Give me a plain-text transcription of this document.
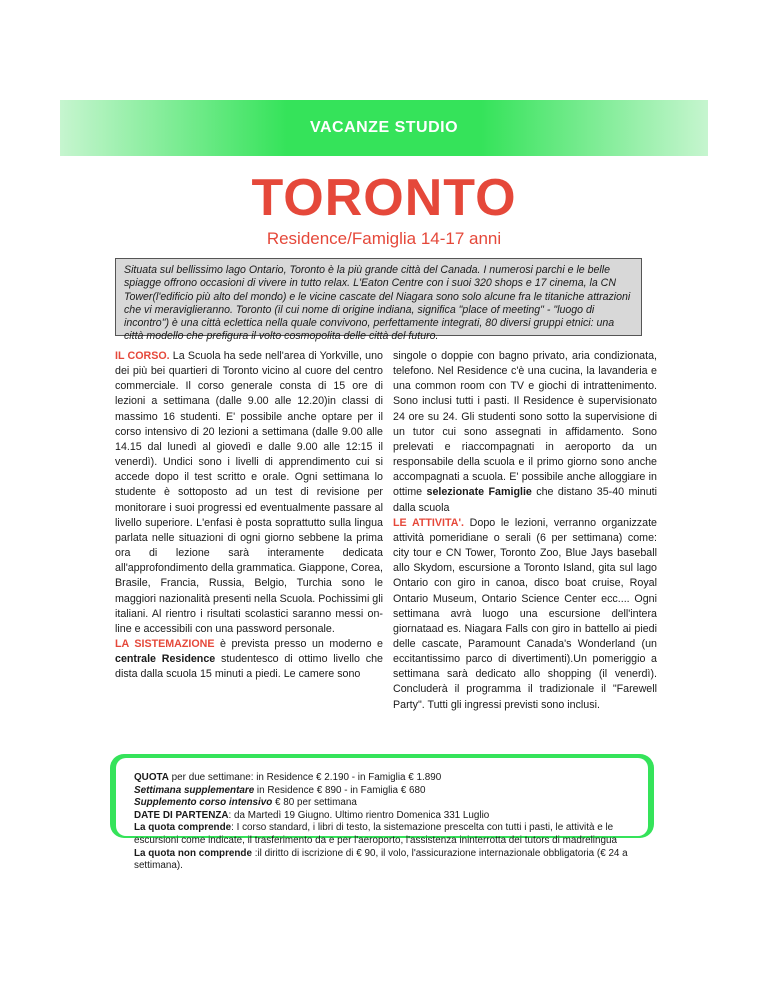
VACANZE STUDIO
TORONTO
Residence/Famiglia 14-17 anni
Situata sul bellissimo lago Ontario, Toronto è la più grande città del Canada. I numerosi parchi e le belle spiagge offrono occasioni di vivere in tutto relax. L'Eaton Centre con i suoi 320 shops e 17 cinema, la CN Tower(l'edificio più alto del mondo) e le vicine cascate del Niagara sono solo alcune fra le titaniche attrazioni che vi meraviglieranno. Toronto (il cui nome di origine indiana, significa "place of meeting" - "luogo di incontro") è una città eclettica nella quale convivono, perfettamente integrati, 80 diversi gruppi etnici: una città modello che prefigura il volto cosmopolita delle città del futuro.

IL CORSO. La Scuola ha sede nell'area di Yorkville, uno dei più bei quartieri di Toronto vicino al cuore del centro commerciale. Il corso generale consta di 15 ore di lezioni a settimana (dalle 9.00 alle 12.20)in classi di massimo 16 studenti. E' possibile anche optare per il corso intensivo di 20 lezioni a settimana (dalle 9.00 alle 14.15 dal lunedì al giovedì e dalle 9.00 alle 12:15 il venerdì). Undici sono i livelli di apprendimento cui si accede dopo il test scritto e orale. Ogni settimana lo studente è sottoposto ad un test di revisione per monitorare i suoi progressi ed eventualmente passare al livello superiore. L'enfasi è posta soprattutto sulla lingua parlata nelle situazioni di ogni giorno sebbene la prima ora di lezione sarà interamente dedicata all'approfondimento della grammatica. Giappone, Corea, Brasile, Francia, Russia, Belgio, Turchia sono le maggiori nazionalità presenti nella Scuola. Pochissimi gli italiani. Al rientro i risultati scolastici saranno messi on-line e accessibili con una password personale.

LA SISTEMAZIONE è prevista presso un moderno e centrale Residence studentesco di ottimo livello che dista dalla scuola 15 minuti a piedi. Le camere sono

singole o doppie con bagno privato, aria condizionata, telefono. Nel Residence c'è una cucina, la lavanderia e una common room con TV e giochi di intrattenimento. Sono inclusi tutti i pasti. Il Residence è supervisionato 24 ore su 24. Gli studenti sono sotto la supervisione di un tutor cui sono assegnati in affidamento. Sono prelevati e riaccompagnati in aeroporto da un responsabile della scuola e il primo giorno sono anche accompagnati a scuola. E' possibile anche alloggiare in ottime selezionate Famiglie che distano 35-40 minuti dalla scuola

LE ATTIVITA'. Dopo le lezioni, verranno organizzate attività pomeridiane o serali (6 per settimana) come: city tour e CN Tower, Toronto Zoo, Blue Jays baseball allo Skydom, escursione a Toronto Island, gita sul lago Ontario con giro in canoa, disco boat cruise, Royal Ontario Museum, Ontario Science Center ecc.... Ogni settimana avrà luogo una escursione dell'intera giornataad es. Niagara Falls con giro in battello ai piedi delle cascate, Paramount Canada's Wonderland (un eccitantissimo parco di divertimenti).Un pomeriggio a settimana sarà dedicato allo shopping (il venerdì). Concluderà il programma il tradizionale il "Farewell Party". Tutti gli ingressi previsti sono inclusi.

QUOTA per due settimane: in Residence € 2.190 - in Famiglia € 1.890

Settimana supplementare in Residence € 890 - in Famiglia € 680

Supplemento corso intensivo € 80 per settimana

DATE DI PARTENZA: da Martedì 19 Giugno. Ultimo rientro Domenica 331 Luglio

La quota comprende: I corso standard, i libri di testo, la sistemazione prescelta con tutti i pasti, le attività e le escursioni come indicate, il trasferimento da e per l'aeroporto, l'assistenza ininterrotta dei tutors di madrelingua

La quota non comprende :il diritto di iscrizione di € 90, il volo, l'assicurazione internazionale obbligatoria (€ 24 a settimana).
